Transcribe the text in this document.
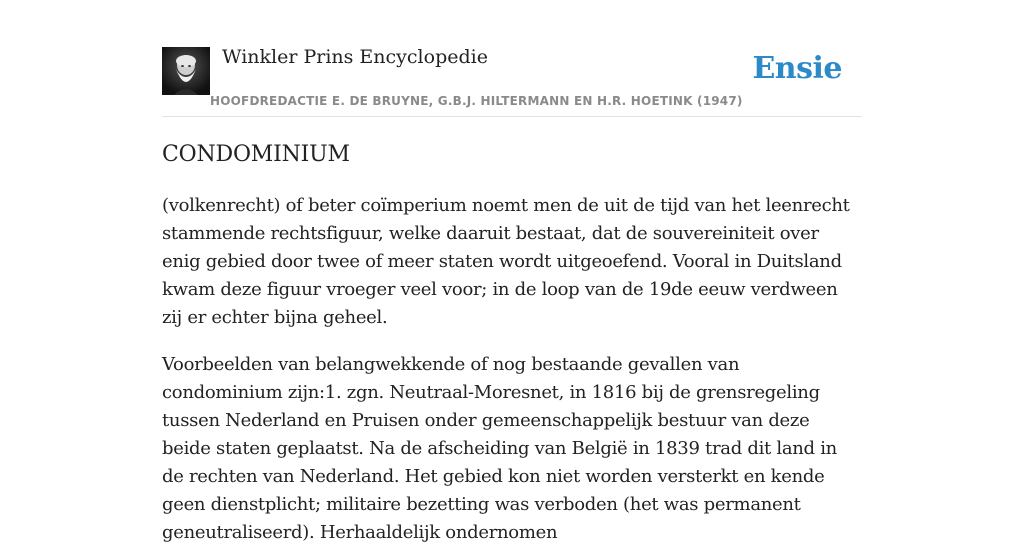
Winkler Prins Encyclopedie
HOOFDREDACTIE E. DE BRUYNE, G.B.J. HILTERMANN EN H.R. HOETINK (1947)
Ensie
CONDOMINIUM

(volkenrecht) of beter coïmperium noemt men de uit de tijd van het leenrecht stammende rechtsfiguur, welke daaruit bestaat, dat de souvereiniteit over enig gebied door twee of meer staten wordt uitgeoefend. Vooral in Duitsland kwam deze figuur vroeger veel voor; in de loop van de 19de eeuw verdween zij er echter bijna geheel.

Voorbeelden van belangwekkende of nog bestaande gevallen van condominium zijn:1. zgn. Neutraal-Moresnet, in 1816 bij de grensregeling tussen Nederland en Pruisen onder gemeenschappelijk bestuur van deze beide staten geplaatst. Na de afscheiding van België in 1839 trad dit land in de rechten van Nederland. Het gebied kon niet worden versterkt en kende geen dienstplicht; militaire bezetting was verboden (het was permanent geneutraliseerd). Herhaaldelijk ondernomen
